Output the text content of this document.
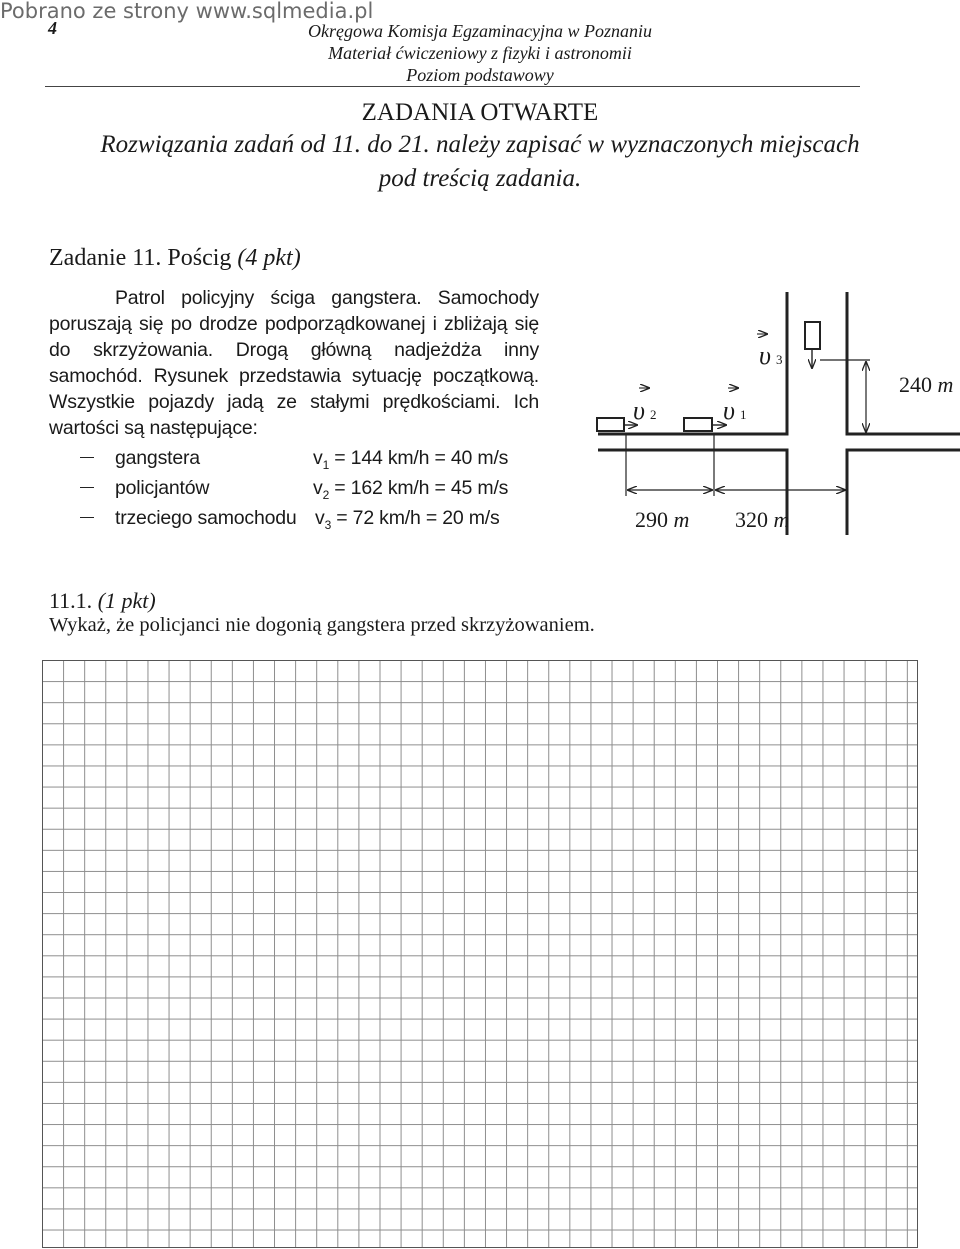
Pobrano ze strony www.sqlmedia.pl
4	Okręgowa Komisja Egzaminacyjna w Poznaniu
Materiał ćwiczeniowy z fizyki i astronomii
Poziom podstawowy
ZADANIA OTWARTE
Rozwiązania zadań od 11. do 21. należy zapisać w wyznaczonych miejscach
pod treścią zadania.
Zadanie 11. Pościg (4 pkt)
Patrol policyjny ściga gangstera. Samochody poruszają się po drodze podporządkowanej i zbliżają się do skrzyżowania. Drogą główną nadjeżdża inny samochód. Rysunek przedstawia sytuację początkową. Wszystkie pojazdy jadą ze stałymi prędkościami. Ich wartości są następujące:
gangstera	$v_1 = 144$ km/h = 40 m/s
policjantów	$v_2 = 162$ km/h = 45 m/s
trzeciego samochodu $v_3 = 72$ km/h = 20 m/s
υ 2	υ 1
υ 3
290 m 320 m
240 m
11.1. (1 pkt)
Wykaż, że policjanci nie dogonią gangstera przed skrzyżowaniem.
